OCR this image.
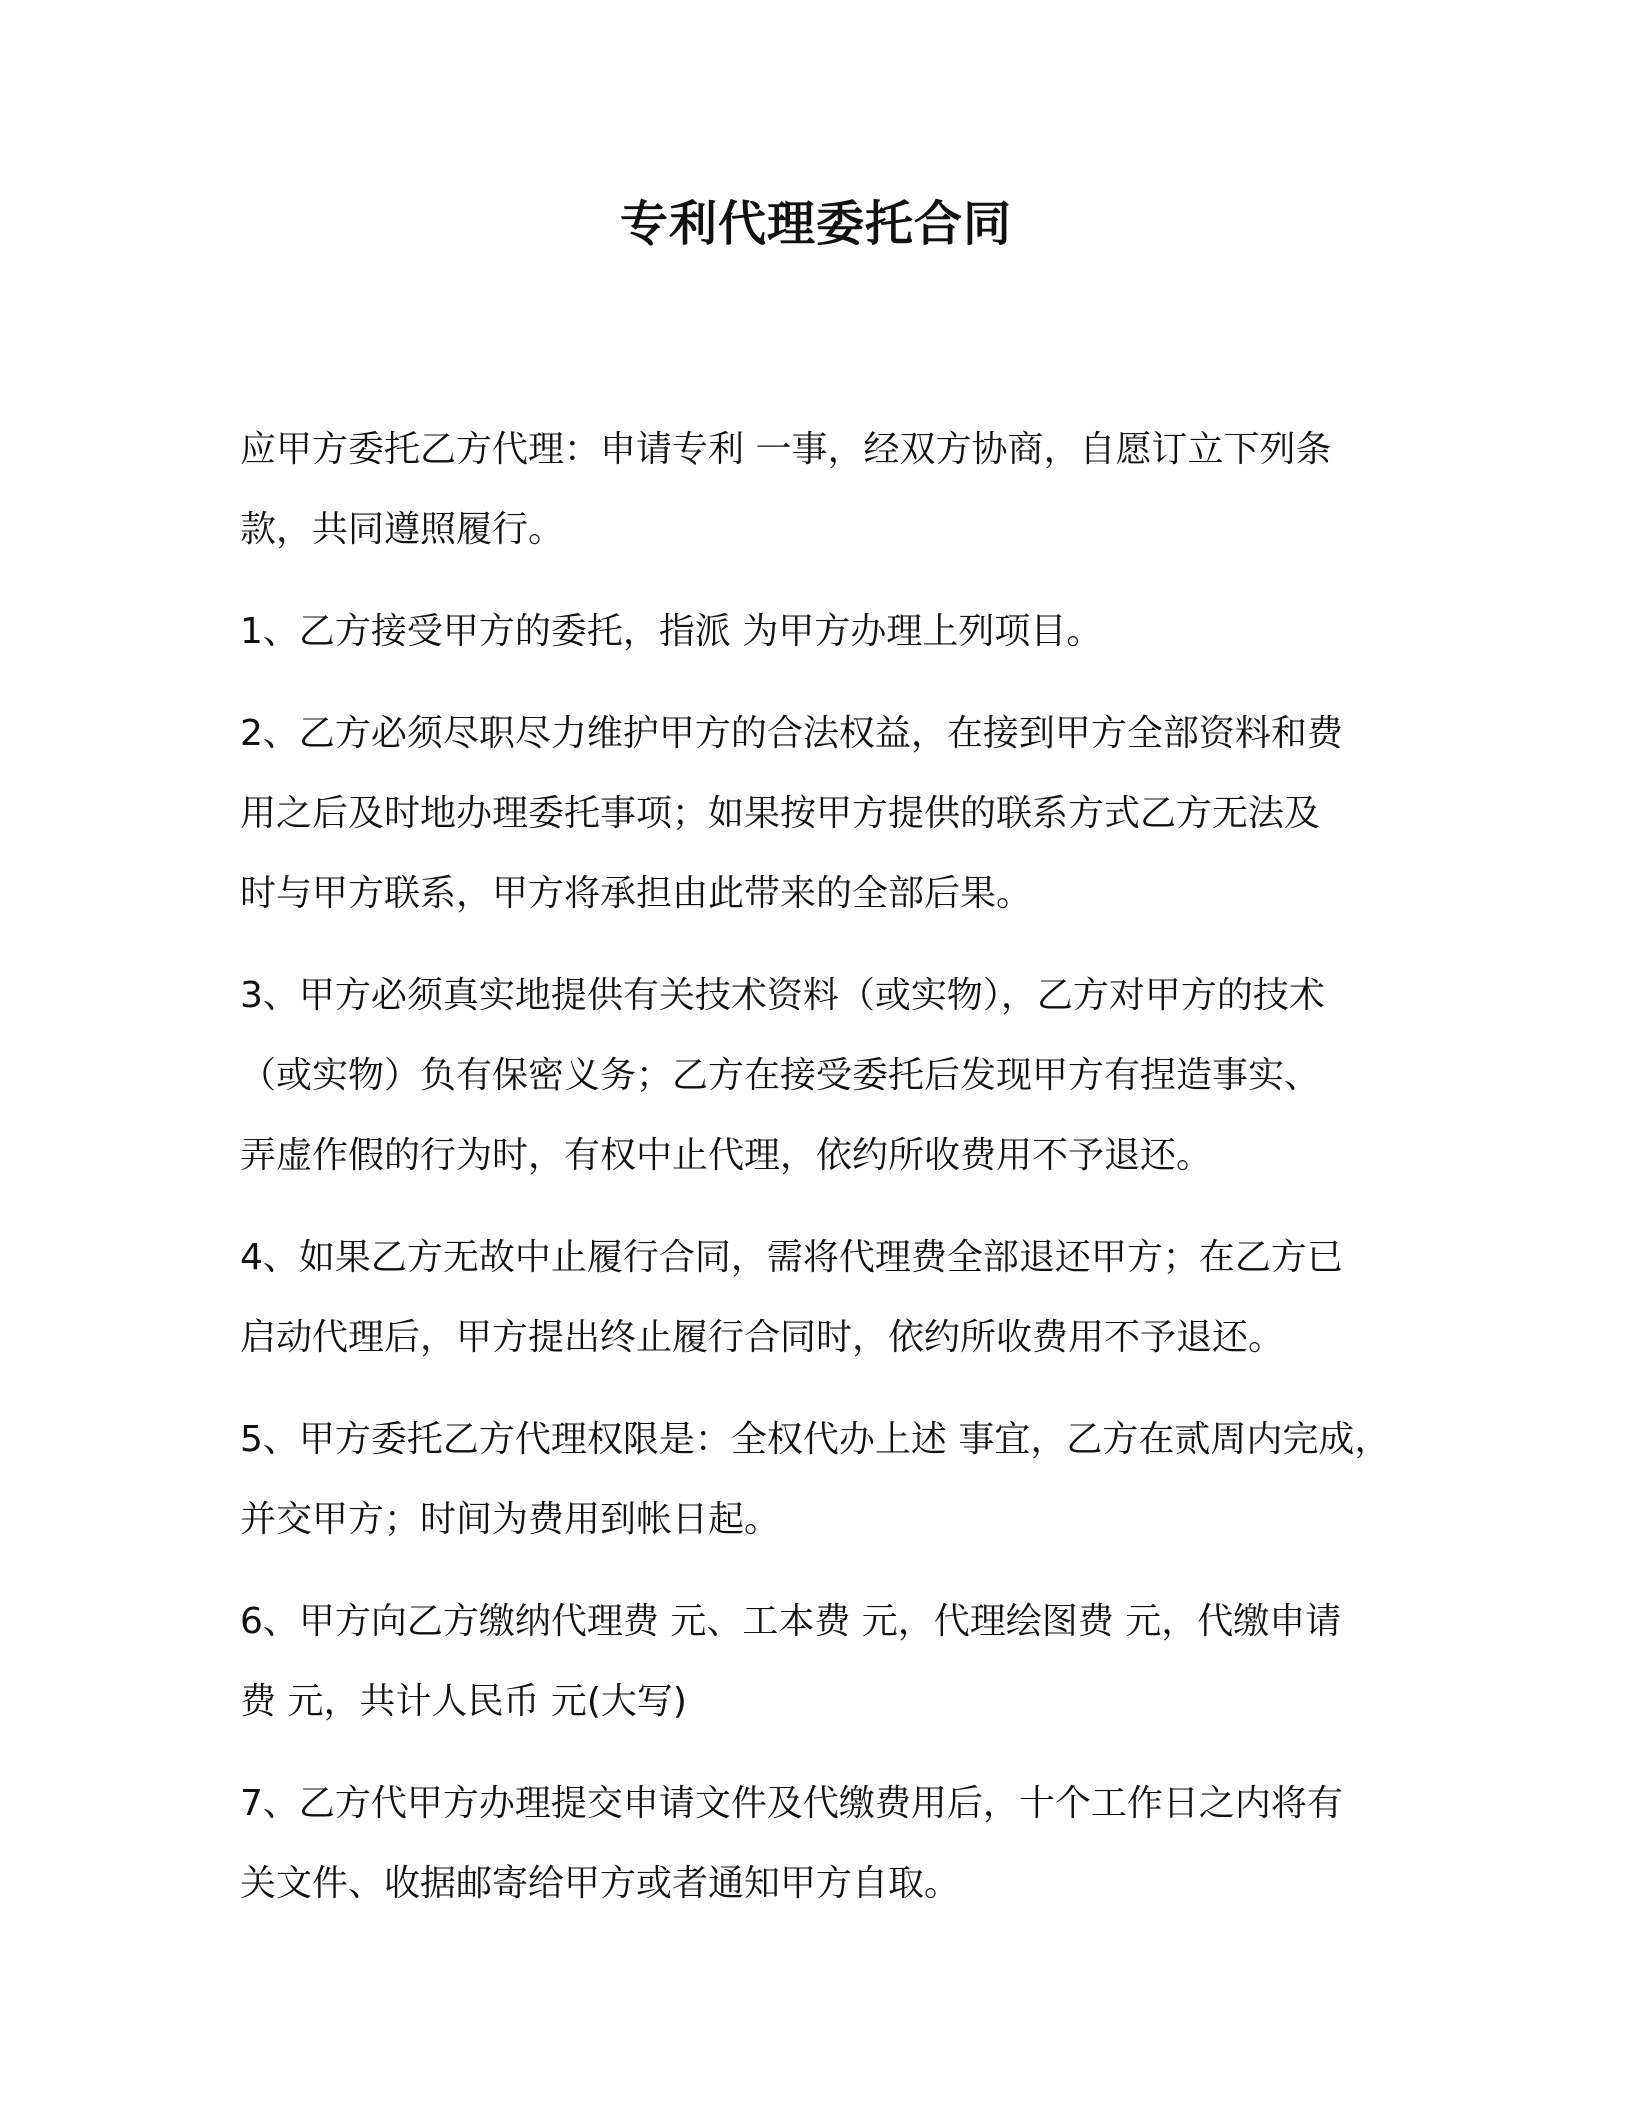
专利代理委托合同

应甲方委托乙方代理：申请专利 一事，经双方协商，自愿订立下列条
款，共同遵照履行。

1、乙方接受甲方的委托，指派 为甲方办理上列项目。

2、乙方必须尽职尽力维护甲方的合法权益，在接到甲方全部资料和费
用之后及时地办理委托事项；如果按甲方提供的联系方式乙方无法及
时与甲方联系，甲方将承担由此带来的全部后果。

3、甲方必须真实地提供有关技术资料（或实物），乙方对甲方的技术
（或实物）负有保密义务；乙方在接受委托后发现甲方有捏造事实、
弄虚作假的行为时，有权中止代理，依约所收费用不予退还。

4、如果乙方无故中止履行合同，需将代理费全部退还甲方；在乙方已
启动代理后，甲方提出终止履行合同时，依约所收费用不予退还。

5、甲方委托乙方代理权限是：全权代办上述 事宜，乙方在贰周内完成，
并交甲方；时间为费用到帐日起。

6、甲方向乙方缴纳代理费 元、工本费 元，代理绘图费 元，代缴申请
费 元，共计人民币 元(大写)

7、乙方代甲方办理提交申请文件及代缴费用后，十个工作日之内将有
关文件、收据邮寄给甲方或者通知甲方自取。
